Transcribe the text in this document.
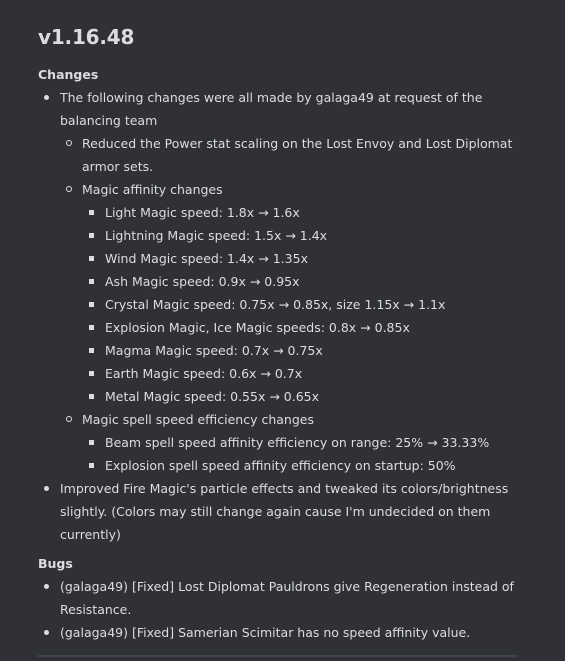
v1.16.48
Changes
The following changes were all made by galaga49 at request of the balancing team
Reduced the Power stat scaling on the Lost Envoy and Lost Diplomat armor sets.
Magic affinity changes
Light Magic speed: 1.8x → 1.6x
Lightning Magic speed: 1.5x → 1.4x
Wind Magic speed: 1.4x → 1.35x
Ash Magic speed: 0.9x → 0.95x
Crystal Magic speed: 0.75x → 0.85x, size 1.15x → 1.1x
Explosion Magic, Ice Magic speeds: 0.8x → 0.85x
Magma Magic speed: 0.7x → 0.75x
Earth Magic speed: 0.6x → 0.7x
Metal Magic speed: 0.55x → 0.65x
Magic spell speed efficiency changes
Beam spell speed affinity efficiency on range: 25% → 33.33%
Explosion spell speed affinity efficiency on startup: 50%
Improved Fire Magic's particle effects and tweaked its colors/brightness slightly. (Colors may still change again cause I'm undecided on them currently)
Bugs
(galaga49) [Fixed] Lost Diplomat Pauldrons give Regeneration instead of Resistance.
(galaga49) [Fixed] Samerian Scimitar has no speed affinity value.
